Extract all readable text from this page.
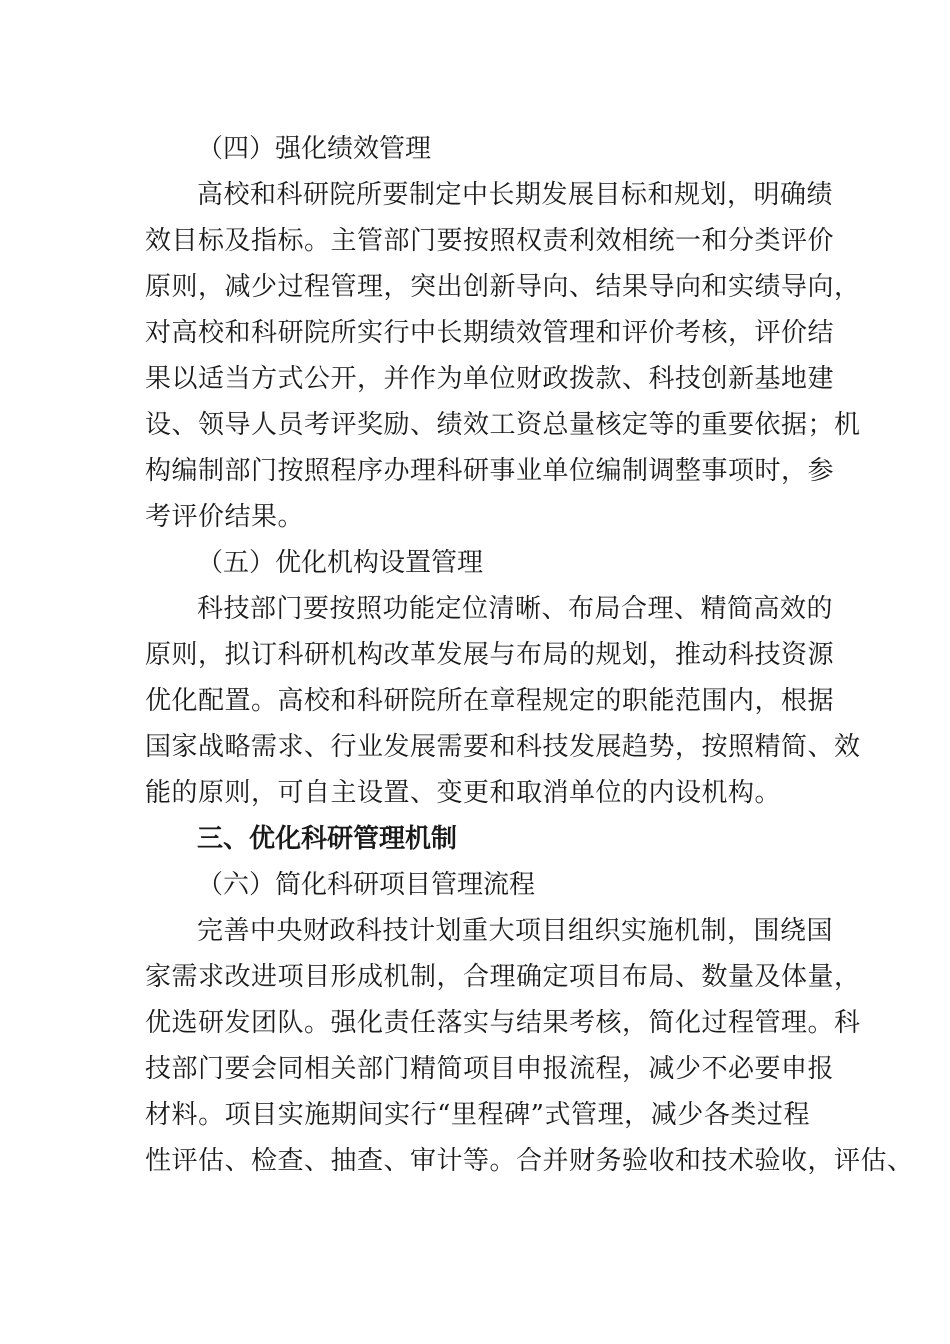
（四）强化绩效管理
高校和科研院所要制定中长期发展目标和规划，明确绩
效目标及指标。主管部门要按照权责利效相统一和分类评价
原则，减少过程管理，突出创新导向、结果导向和实绩导向，
对高校和科研院所实行中长期绩效管理和评价考核，评价结
果以适当方式公开，并作为单位财政拨款、科技创新基地建
设、领导人员考评奖励、绩效工资总量核定等的重要依据；机
构编制部门按照程序办理科研事业单位编制调整事项时，参
考评价结果。
（五）优化机构设置管理
科技部门要按照功能定位清晰、布局合理、精简高效的
原则，拟订科研机构改革发展与布局的规划，推动科技资源
优化配置。高校和科研院所在章程规定的职能范围内，根据
国家战略需求、行业发展需要和科技发展趋势，按照精简、效
能的原则，可自主设置、变更和取消单位的内设机构。
三、优化科研管理机制
（六）简化科研项目管理流程
完善中央财政科技计划重大项目组织实施机制，围绕国
家需求改进项目形成机制，合理确定项目布局、数量及体量，
优选研发团队。强化责任落实与结果考核，简化过程管理。科
技部门要会同相关部门精简项目申报流程，减少不必要申报
材料。项目实施期间实行“里程碑”式管理，减少各类过程
性评估、检查、抽查、审计等。合并财务验收和技术验收，评估、
